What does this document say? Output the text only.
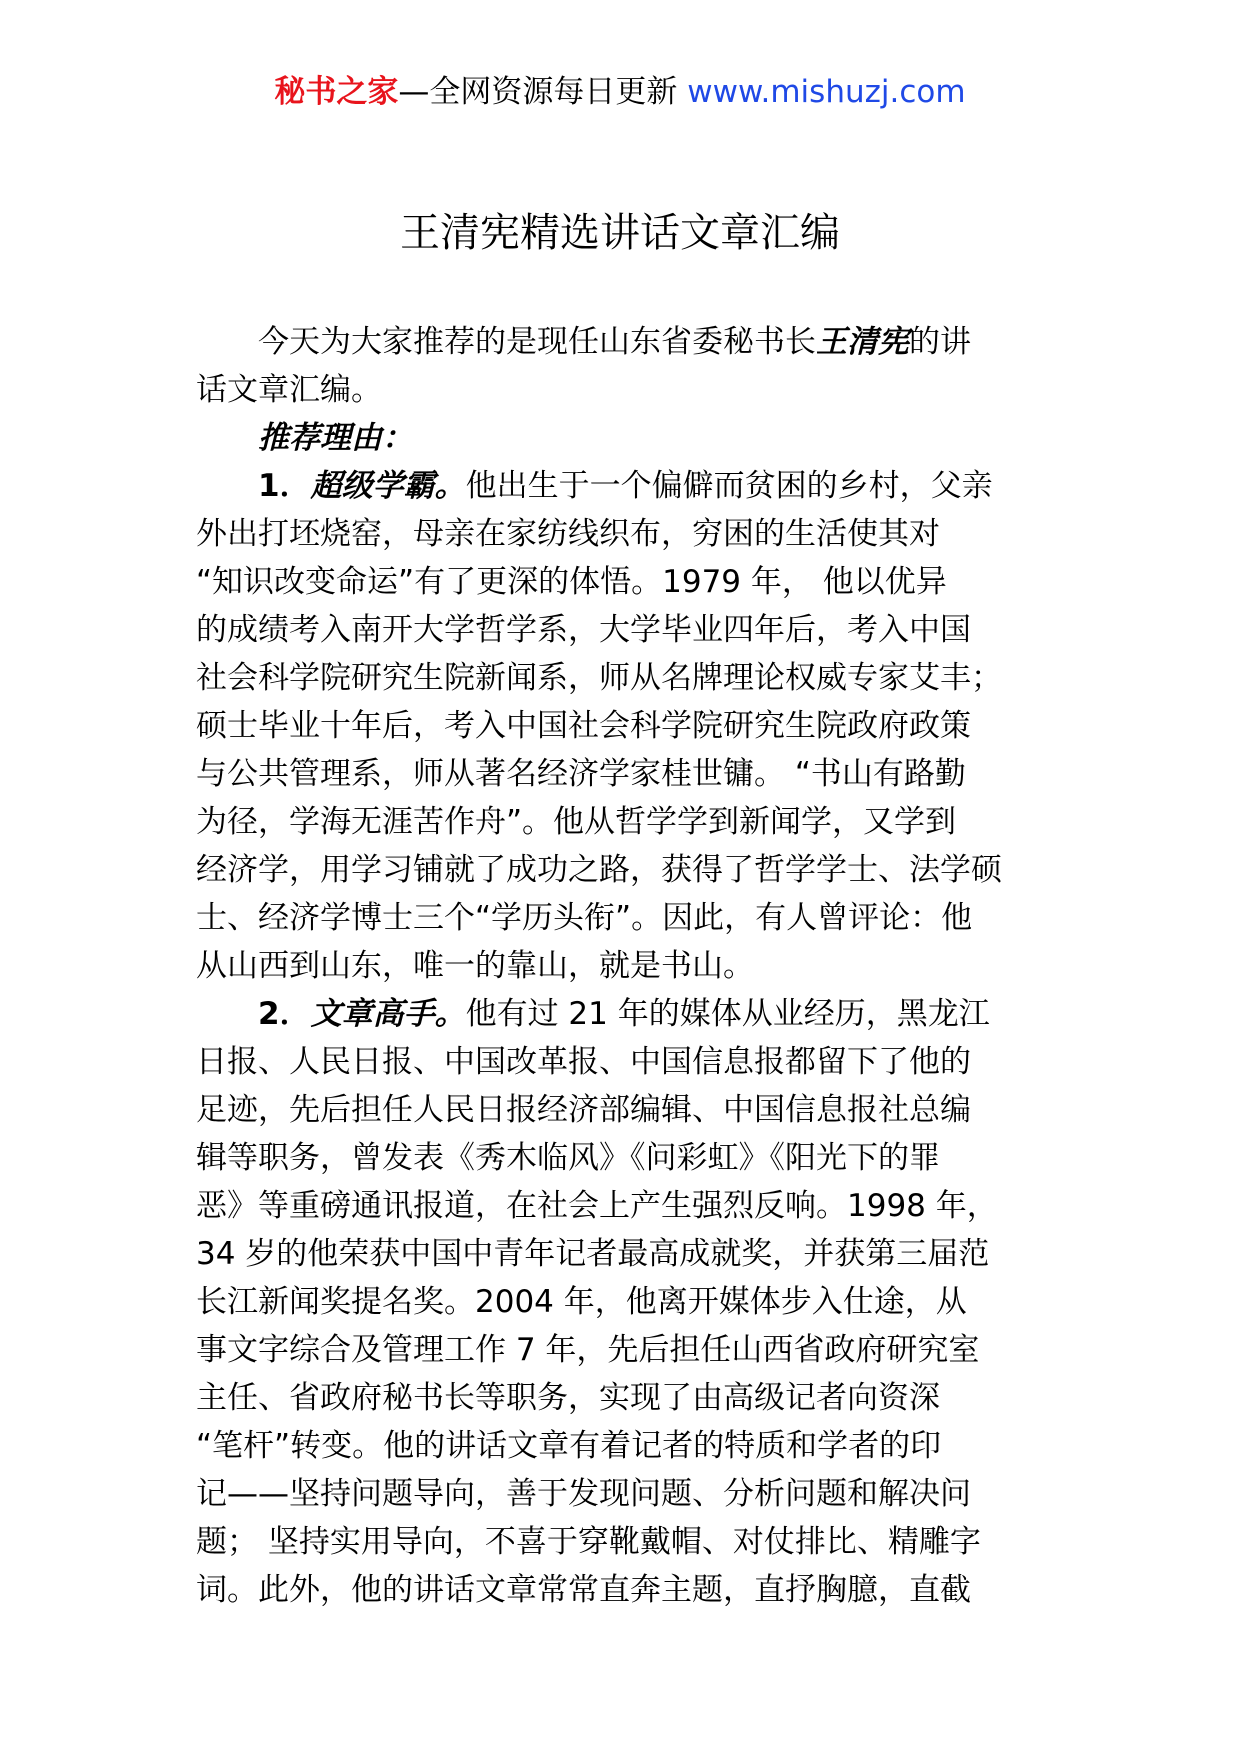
秘书之家—全网资源每日更新 www.mishuzj.com
王清宪精选讲话文章汇编
今天为大家推荐的是现任山东省委秘书长王清宪的讲
话文章汇编。
推荐理由：
1．超级学霸。他出生于一个偏僻而贫困的乡村，父亲
外出打坯烧窑，母亲在家纺线织布，穷困的生活使其对
“知识改变命运”有了更深的体悟。1979 年， 他以优异
的成绩考入南开大学哲学系，大学毕业四年后，考入中国
社会科学院研究生院新闻系，师从名牌理论权威专家艾丰；
硕士毕业十年后，考入中国社会科学院研究生院政府政策
与公共管理系，师从著名经济学家桂世镛。 “书山有路勤
为径，学海无涯苦作舟”。他从哲学学到新闻学，又学到
经济学，用学习铺就了成功之路，获得了哲学学士、法学硕
士、经济学博士三个“学历头衔”。因此，有人曾评论：他
从山西到山东，唯一的靠山，就是书山。
2．文章高手。他有过 21 年的媒体从业经历，黑龙江
日报、人民日报、中国改革报、中国信息报都留下了他的
足迹，先后担任人民日报经济部编辑、中国信息报社总编
辑等职务，曾发表《秀木临风》《问彩虹》《阳光下的罪
恶》等重磅通讯报道，在社会上产生强烈反响。1998 年，
34 岁的他荣获中国中青年记者最高成就奖，并获第三届范
长江新闻奖提名奖。2004 年，他离开媒体步入仕途，从
事文字综合及管理工作 7 年，先后担任山西省政府研究室
主任、省政府秘书长等职务，实现了由高级记者向资深
“笔杆”转变。他的讲话文章有着记者的特质和学者的印
记——坚持问题导向，善于发现问题、分析问题和解决问
题； 坚持实用导向，不喜于穿靴戴帽、对仗排比、精雕字
词。此外，他的讲话文章常常直奔主题，直抒胸臆，直截
